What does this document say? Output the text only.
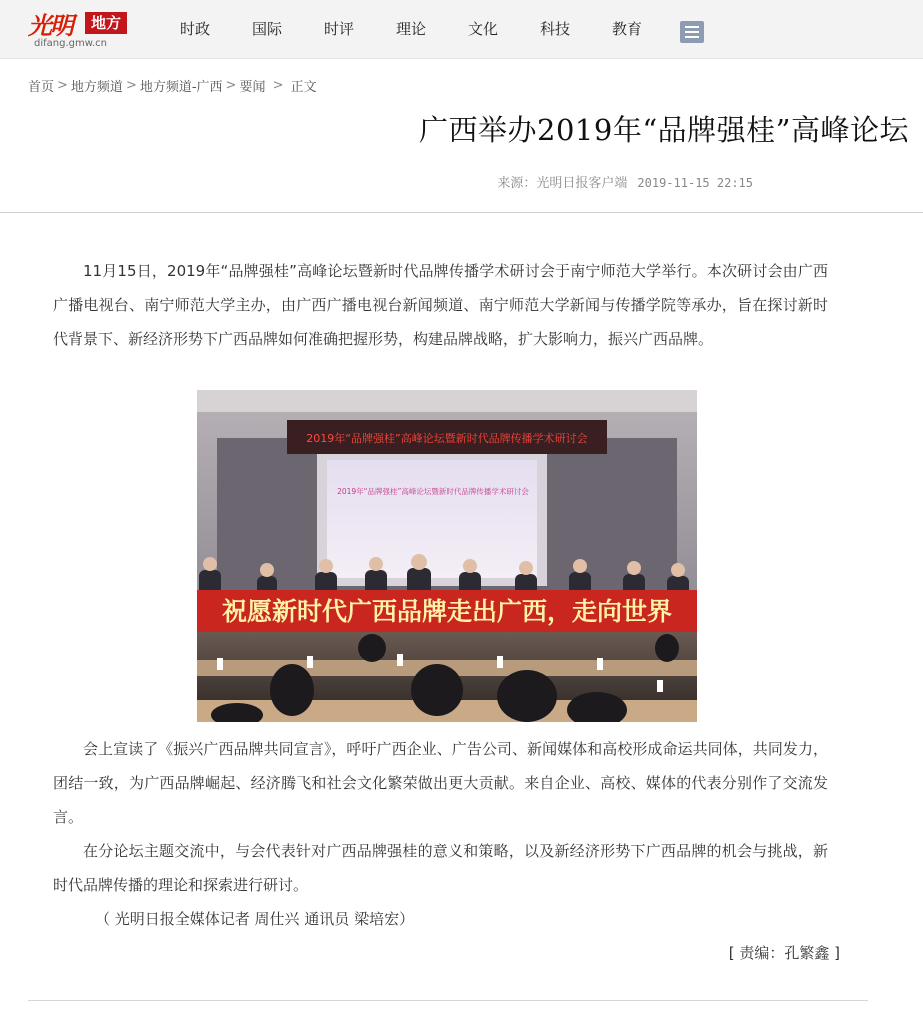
光明	地方
difang.gmw.cn
时政	国际	时评	理论	文化	科技	教育
首页 > 地方频道 > 地方频道-广西 > 要闻 > 正文
广西举办2019年“品牌强桂”高峰论坛
来源：光明日报客户端 2019-11-15 22:15

11月15日，2019年“品牌强桂”高峰论坛暨新时代品牌传播学术研讨会于南宁师范大学举行。本次研讨会由广西广播电视台、南宁师范大学主办，由广西广播电视台新闻频道、南宁师范大学新闻与传播学院等承办，旨在探讨新时代背景下、新经济形势下广西品牌如何准确把握形势，构建品牌战略，扩大影响力，振兴广西品牌。

2019年“品牌强桂”高峰论坛暨新时代品牌传播学术研讨会
2019年“品牌强桂”高峰论坛暨新时代品牌传播学术研讨会
祝愿新时代广西品牌走出广西，走向世界

会上宣读了《振兴广西品牌共同宣言》，呼吁广西企业、广告公司、新闻媒体和高校形成命运共同体，共同发力，团结一致，为广西品牌崛起、经济腾飞和社会文化繁荣做出更大贡献。来自企业、高校、媒体的代表分别作了交流发言。

在分论坛主题交流中，与会代表针对广西品牌强桂的意义和策略，以及新经济形势下广西品牌的机会与挑战，新时代品牌传播的理论和探索进行研讨。

（ 光明日报全媒体记者 周仕兴 通讯员 梁培宏）
[ 责编：孔繁鑫 ]
